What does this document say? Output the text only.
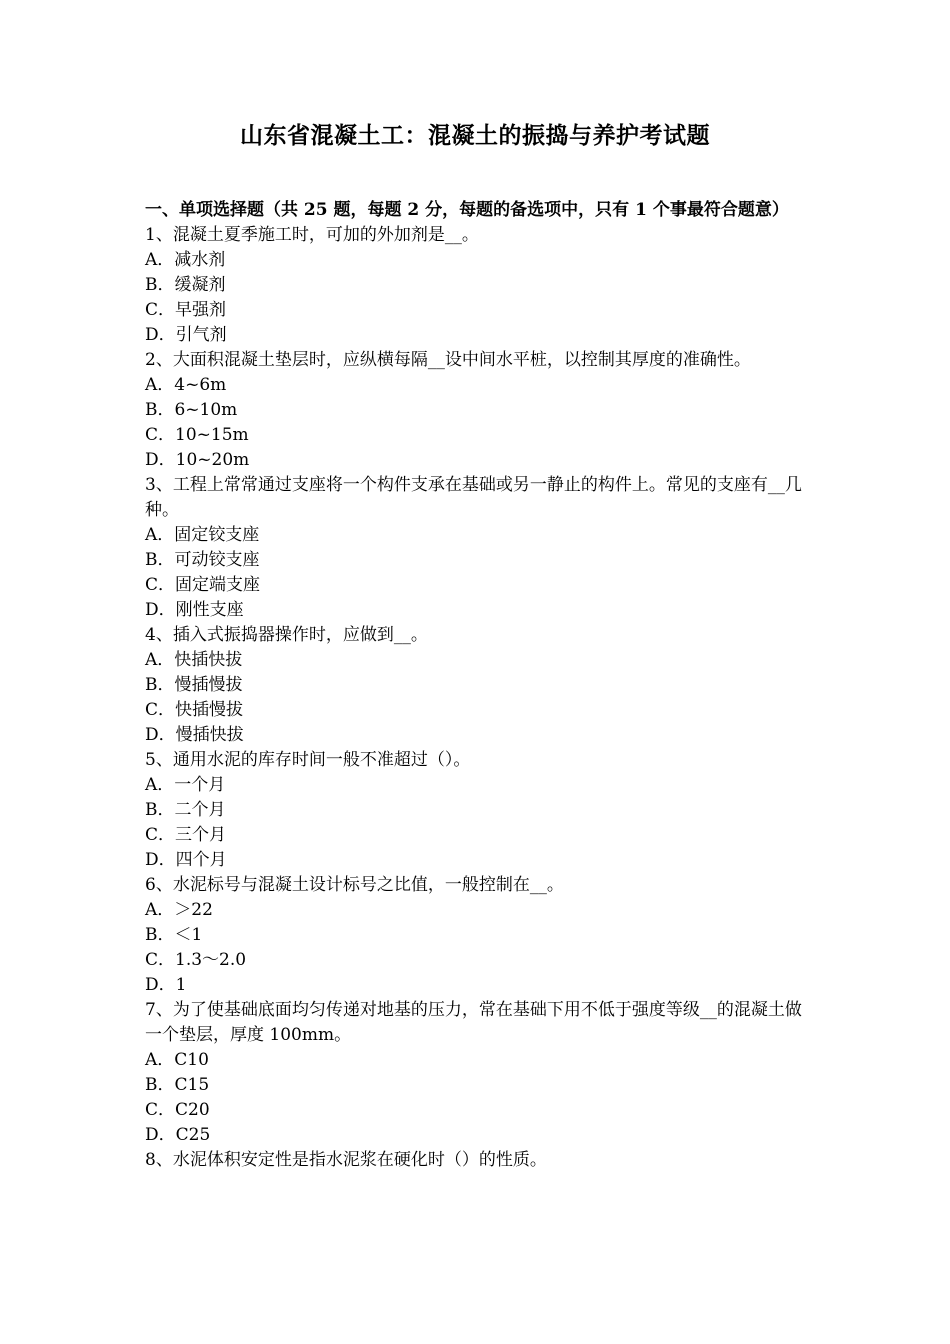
山东省混凝土工：混凝土的振捣与养护考试题

一、单项选择题（共 25 题，每题 2 分，每题的备选项中，只有 1 个事最符合题意）

1、混凝土夏季施工时，可加的外加剂是__。

A．减水剂
B．缓凝剂
C．早强剂
D．引气剂

2、大面积混凝土垫层时，应纵横每隔__设中间水平桩，以控制其厚度的准确性。

A．4~6m
B．6~10m
C．10~15m
D．10~20m

3、工程上常常通过支座将一个构件支承在基础或另一静止的构件上。常见的支座有__几种。

A．固定铰支座
B．可动铰支座
C．固定端支座
D．刚性支座

4、插入式振捣器操作时，应做到__。

A．快插快拔
B．慢插慢拔
C．快插慢拔
D．慢插快拔

5、通用水泥的库存时间一般不准超过（）。

A．一个月
B．二个月
C．三个月
D．四个月

6、水泥标号与混凝土设计标号之比值，一般控制在__。

A．＞22
B．＜1
C．1.3～2.0
D．1

7、为了使基础底面均匀传递对地基的压力，常在基础下用不低于强度等级__的混凝土做一个垫层，厚度 100mm。

A．C10
B．C15
C．C20
D．C25

8、水泥体积安定性是指水泥浆在硬化时（）的性质。
